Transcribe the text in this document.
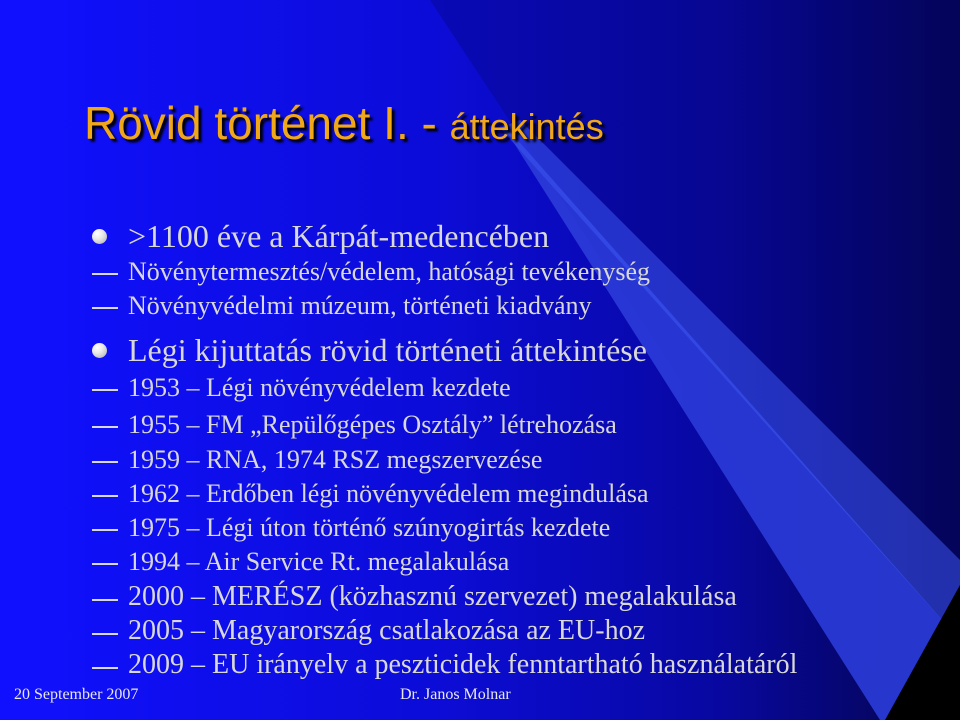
Rövid történet I. - áttekintés
>1100 éve a Kárpát-medencében
Növénytermesztés/védelem, hatósági tevékenység
Növényvédelmi múzeum, történeti kiadvány
Légi kijuttatás rövid történeti áttekintése
1953 – Légi növényvédelem kezdete
1955 – FM „Repülőgépes Osztály” létrehozása
1959 – RNA, 1974 RSZ megszervezése
1962 – Erdőben légi növényvédelem megindulása
1975 – Légi úton történő szúnyogirtás kezdete
1994 – Air Service Rt. megalakulása
2000 – MERÉSZ (közhasznú szervezet) megalakulása
2005 – Magyarország csatlakozása az EU-hoz
2009 – EU irányelv a peszticidek fenntartható használatáról
20 September 2007	Dr. Janos Molnar
3
